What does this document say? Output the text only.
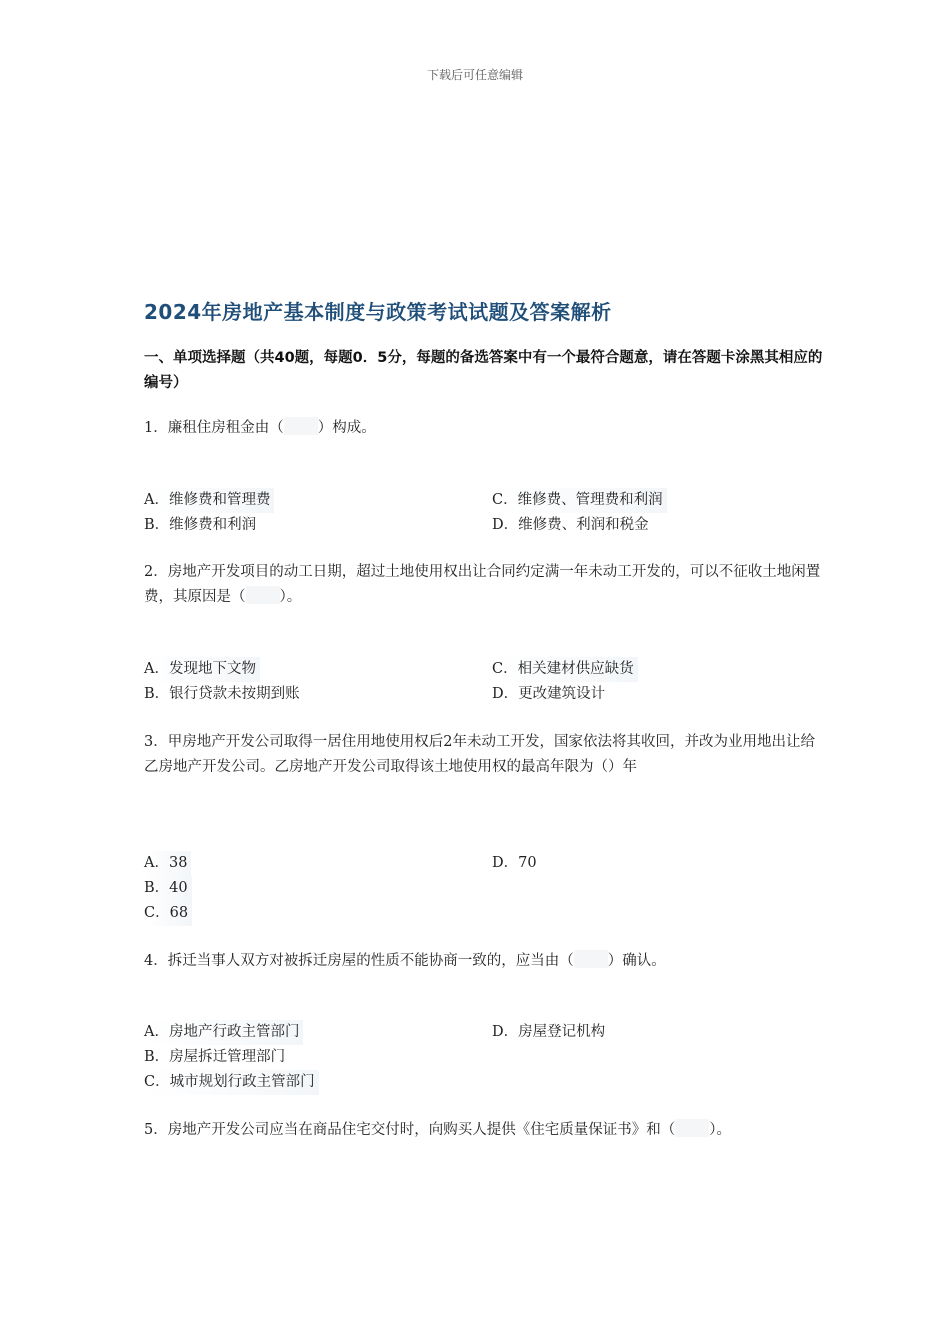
下载后可任意编辑
2024年房地产基本制度与政策考试试题及答案解析
一、单项选择题（共40题，每题0．5分，每题的备选答案中有一个最符合题意，请在答题卡涂黑其相应的编号）
1．廉租住房租金由（ ）构成。
A．维修费和管理费	C．维修费、管理费和利润
B．维修费和利润	D．维修费、利润和税金
2．房地产开发项目的动工日期，超过土地使用权出让合同约定满一年未动工开发的，可以不征收土地闲置费，其原因是（ ）。
A．发现地下文物	C．相关建材供应缺货
B．银行贷款未按期到账	D．更改建筑设计
3．甲房地产开发公司取得一居住用地使用权后2年未动工开发，国家依法将其收回，并改为业用地出让给乙房地产开发公司。乙房地产开发公司取得该土地使用权的最高年限为（）年
A．38	D．70
B．40
C．68
4．拆迁当事人双方对被拆迁房屋的性质不能协商一致的，应当由（ ）确认。
A．房地产行政主管部门	D．房屋登记机构
B．房屋拆迁管理部门
C．城市规划行政主管部门
5．房地产开发公司应当在商品住宅交付时，向购买人提供《住宅质量保证书》和（ ）。
